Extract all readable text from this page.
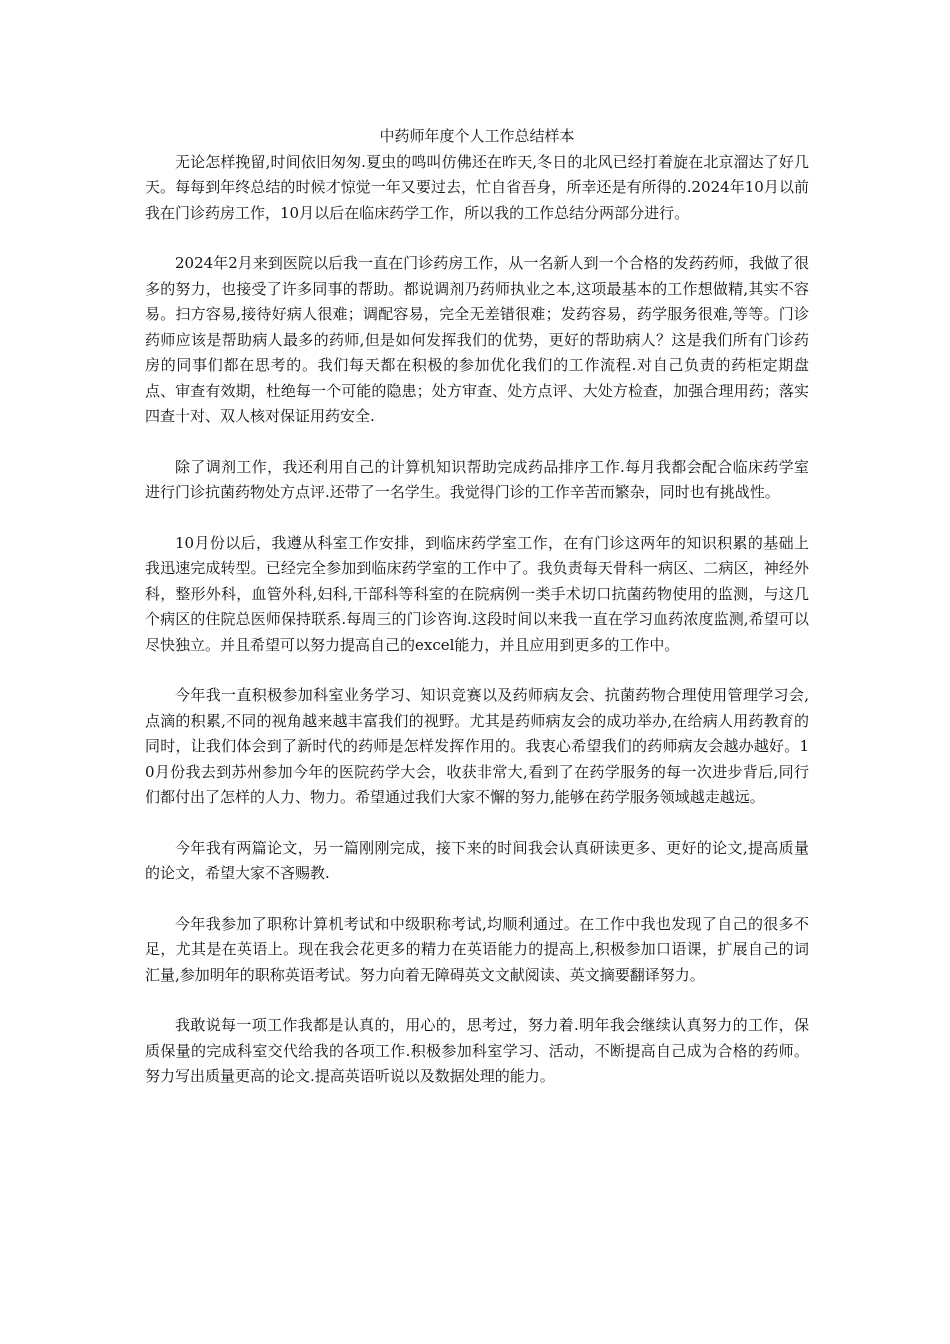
中药师年度个人工作总结样本

无论怎样挽留,时间依旧匆匆.夏虫的鸣叫仿佛还在昨天,冬日的北风已经打着旋在北京溜达了好几天。每每到年终总结的时候才惊觉一年又要过去，忙自省吾身，所幸还是有所得的.2024年10月以前我在门诊药房工作，10月以后在临床药学工作，所以我的工作总结分两部分进行。

2024年2月来到医院以后我一直在门诊药房工作，从一名新人到一个合格的发药药师，我做了很多的努力，也接受了许多同事的帮助。都说调剂乃药师执业之本,这项最基本的工作想做精,其实不容易。扫方容易,接待好病人很难；调配容易，完全无差错很难；发药容易，药学服务很难,等等。门诊药师应该是帮助病人最多的药师,但是如何发挥我们的优势，更好的帮助病人？这是我们所有门诊药房的同事们都在思考的。我们每天都在积极的参加优化我们的工作流程.对自己负责的药柜定期盘点、审查有效期，杜绝每一个可能的隐患；处方审查、处方点评、大处方检查，加强合理用药；落实四查十对、双人核对保证用药安全.

除了调剂工作，我还利用自己的计算机知识帮助完成药品排序工作.每月我都会配合临床药学室进行门诊抗菌药物处方点评.还带了一名学生。我觉得门诊的工作辛苦而繁杂，同时也有挑战性。

10月份以后，我遵从科室工作安排，到临床药学室工作，在有门诊这两年的知识积累的基础上我迅速完成转型。已经完全参加到临床药学室的工作中了。我负责每天骨科一病区、二病区，神经外科，整形外科，血管外科,妇科,干部科等科室的在院病例一类手术切口抗菌药物使用的监测，与这几个病区的住院总医师保持联系.每周三的门诊咨询.这段时间以来我一直在学习血药浓度监测,希望可以尽快独立。并且希望可以努力提高自己的excel能力，并且应用到更多的工作中。

今年我一直积极参加科室业务学习、知识竞赛以及药师病友会、抗菌药物合理使用管理学习会,点滴的积累,不同的视角越来越丰富我们的视野。尤其是药师病友会的成功举办,在给病人用药教育的同时，让我们体会到了新时代的药师是怎样发挥作用的。我衷心希望我们的药师病友会越办越好。10月份我去到苏州参加今年的医院药学大会，收获非常大,看到了在药学服务的每一次进步背后,同行们都付出了怎样的人力、物力。希望通过我们大家不懈的努力,能够在药学服务领域越走越远。

今年我有两篇论文，另一篇刚刚完成，接下来的时间我会认真研读更多、更好的论文,提高质量的论文，希望大家不吝赐教.

今年我参加了职称计算机考试和中级职称考试,均顺利通过。在工作中我也发现了自己的很多不足，尤其是在英语上。现在我会花更多的精力在英语能力的提高上,积极参加口语课，扩展自己的词汇量,参加明年的职称英语考试。努力向着无障碍英文文献阅读、英文摘要翻译努力。

我敢说每一项工作我都是认真的，用心的，思考过，努力着.明年我会继续认真努力的工作，保质保量的完成科室交代给我的各项工作.积极参加科室学习、活动，不断提高自己成为合格的药师。努力写出质量更高的论文.提高英语听说以及数据处理的能力。
